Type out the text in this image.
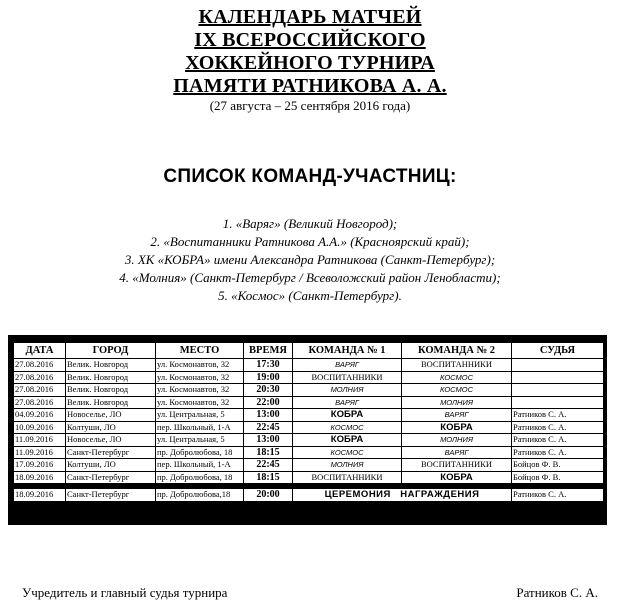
КАЛЕНДАРЬ МАТЧЕЙ
IX ВСЕРОССИЙСКОГО
ХОККЕЙНОГО ТУРНИРА
ПАМЯТИ РАТНИКОВА А. А.
(27 августа – 25 сентября 2016 года)
СПИСОК КОМАНД-УЧАСТНИЦ:
1. «Варяг» (Великий Новгород);
2. «Воспитанники Ратникова А.А.» (Красноярский край);
3. ХК «КОБРА» имени Александра Ратникова (Санкт-Петербург);
4. «Молния» (Санкт-Петербург / Всеволожский район Ленобласти);
5. «Космос» (Санкт-Петербург).
ДАТА	ГОРОД	МЕСТО	ВРЕМЯ	КОМАНДА № 1	КОМАНДА № 2	СУДЬЯ
27.08.2016	Велик. Новгород	ул. Космонавтов, 32	17:30	ВАРЯГ	ВОСПИТАННИКИ	
27.08.2016	Велик. Новгород	ул. Космонавтов, 32	19:00	ВОСПИТАННИКИ	КОСМОС	
27.08.2016	Велик. Новгород	ул. Космонавтов, 32	20:30	МОЛНИЯ	КОСМОС	
27.08.2016	Велик. Новгород	ул. Космонавтов, 32	22:00	ВАРЯГ	МОЛНИЯ	
04.09.2016	Новоселье, ЛО	ул. Центральная, 5	13:00	КОБРА	ВАРЯГ	Ратников С. А.
10.09.2016	Колтуши, ЛО	пер. Школьный, 1-А	22:45	КОСМОС	КОБРА	Ратников С. А.
11.09.2016	Новоселье, ЛО	ул. Центральная, 5	13:00	КОБРА	МОЛНИЯ	Ратников С. А.
11.09.2016	Санкт-Петербург	пр. Добролюбова, 18	18:15	КОСМОС	ВАРЯГ	Ратников С. А.
17.09.2016	Колтуши, ЛО	пер. Школьный, 1-А	22:45	МОЛНИЯ	ВОСПИТАННИКИ	Бойцов Ф. В.
18.09.2016	Санкт-Петербург	пр. Добролюбова, 18	18:15	ВОСПИТАННИКИ	КОБРА	Бойцов Ф. В.

18.09.2016	Санкт-Петербург	пр. Добролюбова,18	20:00	ЦЕРЕМОНИЯ   НАГРАЖДЕНИЯ		Ратников С. А.
Учредитель и главный судья турнира	Ратников С. А.
